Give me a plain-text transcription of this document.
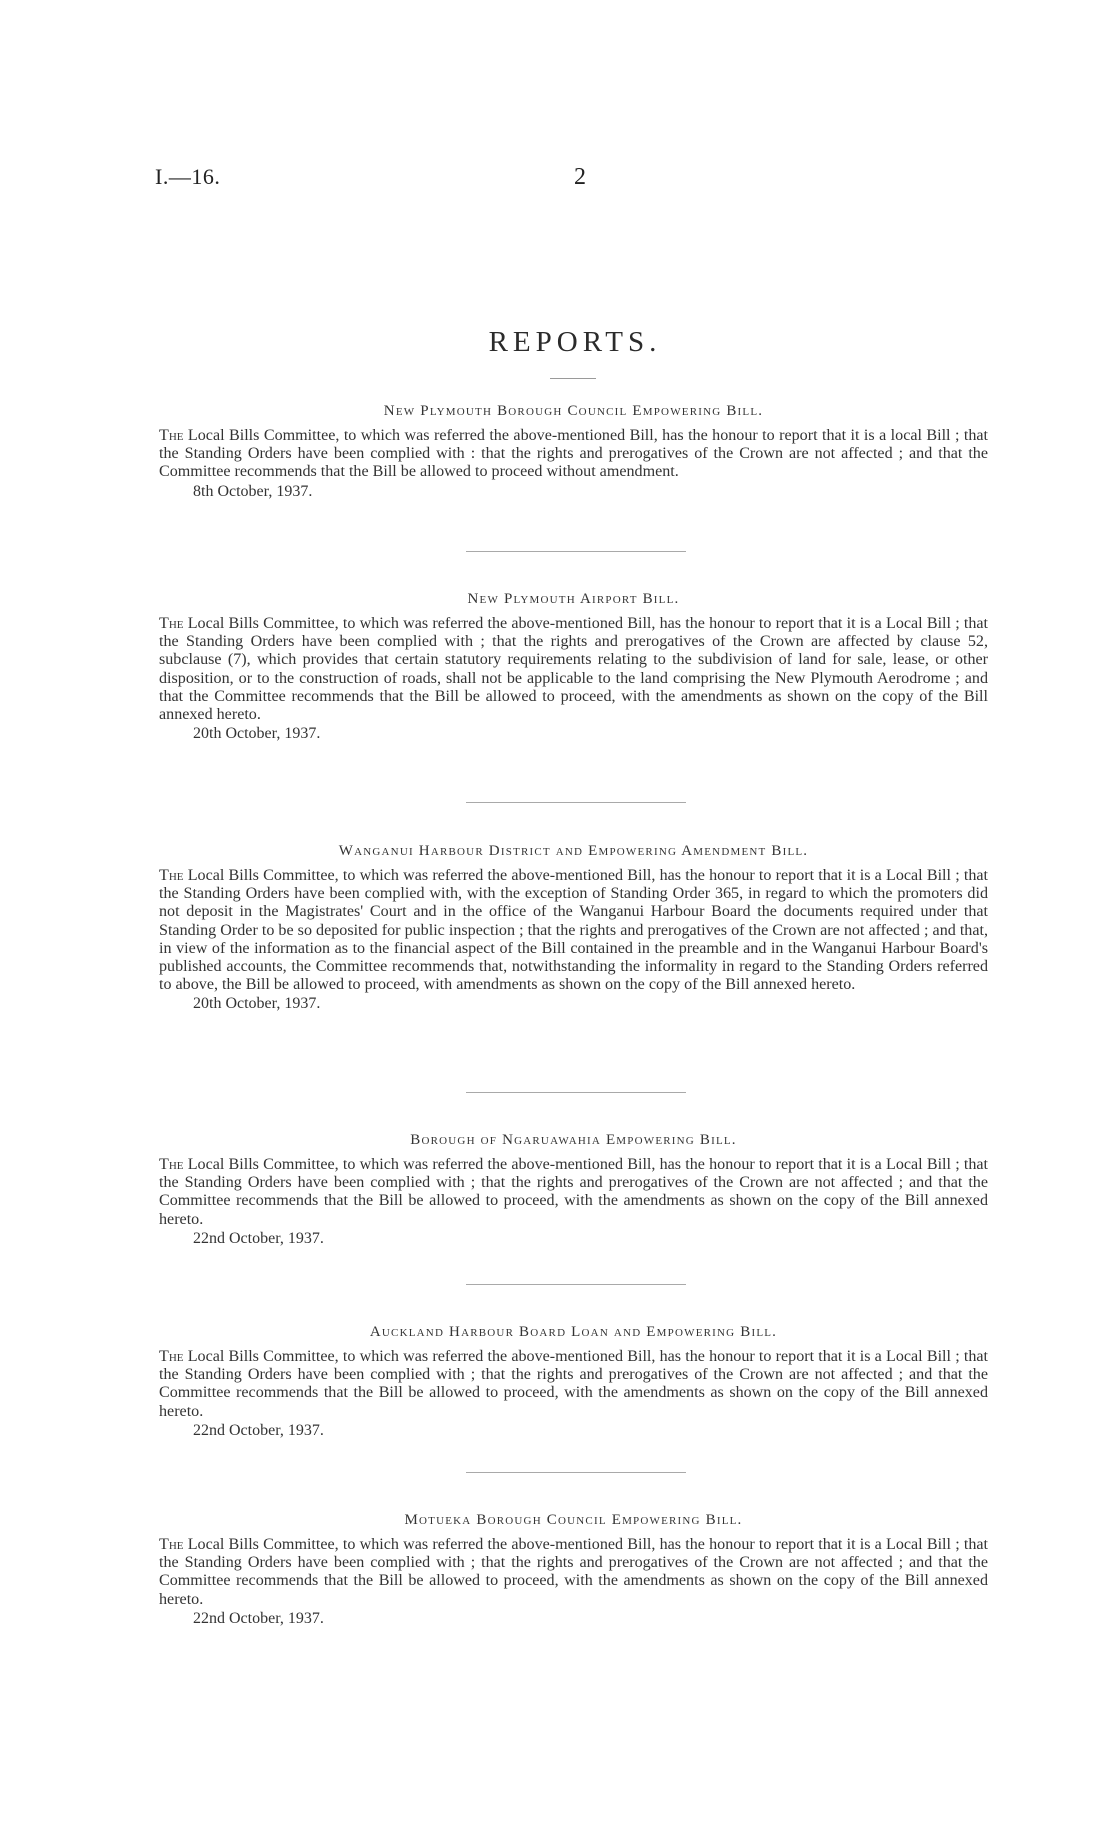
I.—16.	2
REPORTS.
New Plymouth Borough Council Empowering Bill.
The Local Bills Committee, to which was referred the above-mentioned Bill, has the honour to report that it is a local Bill ; that the Standing Orders have been complied with : that the rights and prerogatives of the Crown are not affected ; and that the Committee recommends that the Bill be allowed to proceed without amendment.
8th October, 1937.
New Plymouth Airport Bill.
The Local Bills Committee, to which was referred the above-mentioned Bill, has the honour to report that it is a Local Bill ; that the Standing Orders have been complied with ; that the rights and prerogatives of the Crown are affected by clause 52, subclause (7), which provides that certain statutory requirements relating to the subdivision of land for sale, lease, or other disposition, or to the construction of roads, shall not be applicable to the land comprising the New Plymouth Aerodrome ; and that the Committee recommends that the Bill be allowed to proceed, with the amendments as shown on the copy of the Bill annexed hereto.
20th October, 1937.
Wanganui Harbour District and Empowering Amendment Bill.
The Local Bills Committee, to which was referred the above-mentioned Bill, has the honour to report that it is a Local Bill ; that the Standing Orders have been complied with, with the exception of Standing Order 365, in regard to which the promoters did not deposit in the Magistrates' Court and in the office of the Wanganui Harbour Board the documents required under that Standing Order to be so deposited for public inspection ; that the rights and prerogatives of the Crown are not affected ; and that, in view of the information as to the financial aspect of the Bill contained in the preamble and in the Wanganui Harbour Board's published accounts, the Committee recommends that, notwithstanding the informality in regard to the Standing Orders referred to above, the Bill be allowed to proceed, with amendments as shown on the copy of the Bill annexed hereto.
20th October, 1937.
Borough of Ngaruawahia Empowering Bill.
The Local Bills Committee, to which was referred the above-mentioned Bill, has the honour to report that it is a Local Bill ; that the Standing Orders have been complied with ; that the rights and prerogatives of the Crown are not affected ; and that the Committee recommends that the Bill be allowed to proceed, with the amendments as shown on the copy of the Bill annexed hereto.
22nd October, 1937.
Auckland Harbour Board Loan and Empowering Bill.
The Local Bills Committee, to which was referred the above-mentioned Bill, has the honour to report that it is a Local Bill ; that the Standing Orders have been complied with ; that the rights and prerogatives of the Crown are not affected ; and that the Committee recommends that the Bill be allowed to proceed, with the amendments as shown on the copy of the Bill annexed hereto.
22nd October, 1937.
Motueka Borough Council Empowering Bill.
The Local Bills Committee, to which was referred the above-mentioned Bill, has the honour to report that it is a Local Bill ; that the Standing Orders have been complied with ; that the rights and prerogatives of the Crown are not affected ; and that the Committee recommends that the Bill be allowed to proceed, with the amendments as shown on the copy of the Bill annexed hereto.
22nd October, 1937.
